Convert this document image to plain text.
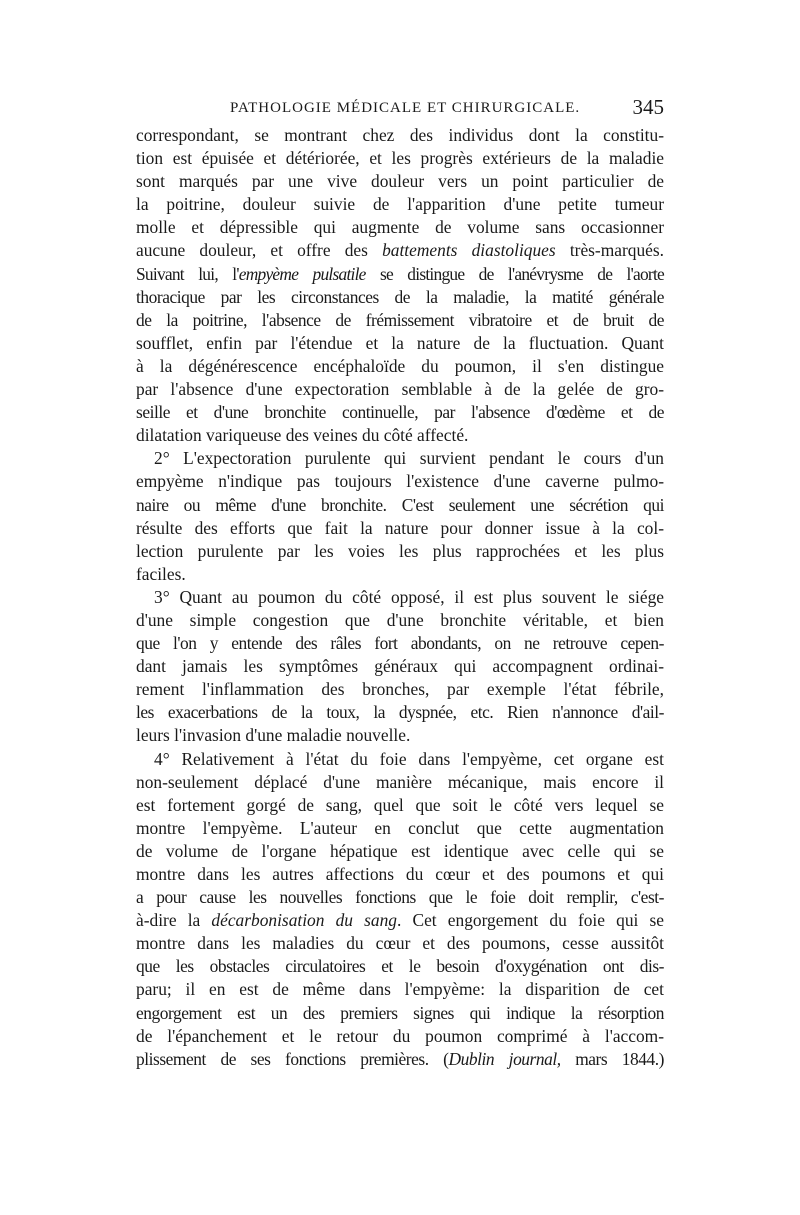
PATHOLOGIE MÉDICALE ET CHIRURGICALE. 345
correspondant, se montrant chez des individus dont la constitu-
tion est épuisée et détériorée, et les progrès extérieurs de la maladie
sont marqués par une vive douleur vers un point particulier de
la poitrine, douleur suivie de l'apparition d'une petite tumeur
molle et dépressible qui augmente de volume sans occasionner
aucune douleur, et offre des battements diastoliques très-marqués.
Suivant lui, l'empyème pulsatile se distingue de l'anévrysme de l'aorte
thoracique par les circonstances de la maladie, la matité générale
de la poitrine, l'absence de frémissement vibratoire et de bruit de
soufflet, enfin par l'étendue et la nature de la fluctuation. Quant
à la dégénérescence encéphaloïde du poumon, il s'en distingue
par l'absence d'une expectoration semblable à de la gelée de gro-
seille et d'une bronchite continuelle, par l'absence d'œdème et de
dilatation variqueuse des veines du côté affecté.
2° L'expectoration purulente qui survient pendant le cours d'un
empyème n'indique pas toujours l'existence d'une caverne pulmo-
naire ou même d'une bronchite. C'est seulement une sécrétion qui
résulte des efforts que fait la nature pour donner issue à la col-
lection purulente par les voies les plus rapprochées et les plus
faciles.
3° Quant au poumon du côté opposé, il est plus souvent le siége
d'une simple congestion que d'une bronchite véritable, et bien
que l'on y entende des râles fort abondants, on ne retrouve cepen-
dant jamais les symptômes généraux qui accompagnent ordinai-
rement l'inflammation des bronches, par exemple l'état fébrile,
les exacerbations de la toux, la dyspnée, etc. Rien n'annonce d'ail-
leurs l'invasion d'une maladie nouvelle.
4° Relativement à l'état du foie dans l'empyème, cet organe est
non-seulement déplacé d'une manière mécanique, mais encore il
est fortement gorgé de sang, quel que soit le côté vers lequel se
montre l'empyème. L'auteur en conclut que cette augmentation
de volume de l'organe hépatique est identique avec celle qui se
montre dans les autres affections du cœur et des poumons et qui
a pour cause les nouvelles fonctions que le foie doit remplir, c'est-
à-dire la décarbonisation du sang. Cet engorgement du foie qui se
montre dans les maladies du cœur et des poumons, cesse aussitôt
que les obstacles circulatoires et le besoin d'oxygénation ont dis-
paru; il en est de même dans l'empyème: la disparition de cet
engorgement est un des premiers signes qui indique la résorption
de l'épanchement et le retour du poumon comprimé à l'accom-
plissement de ses fonctions premières. (Dublin journal, mars 1844.)
